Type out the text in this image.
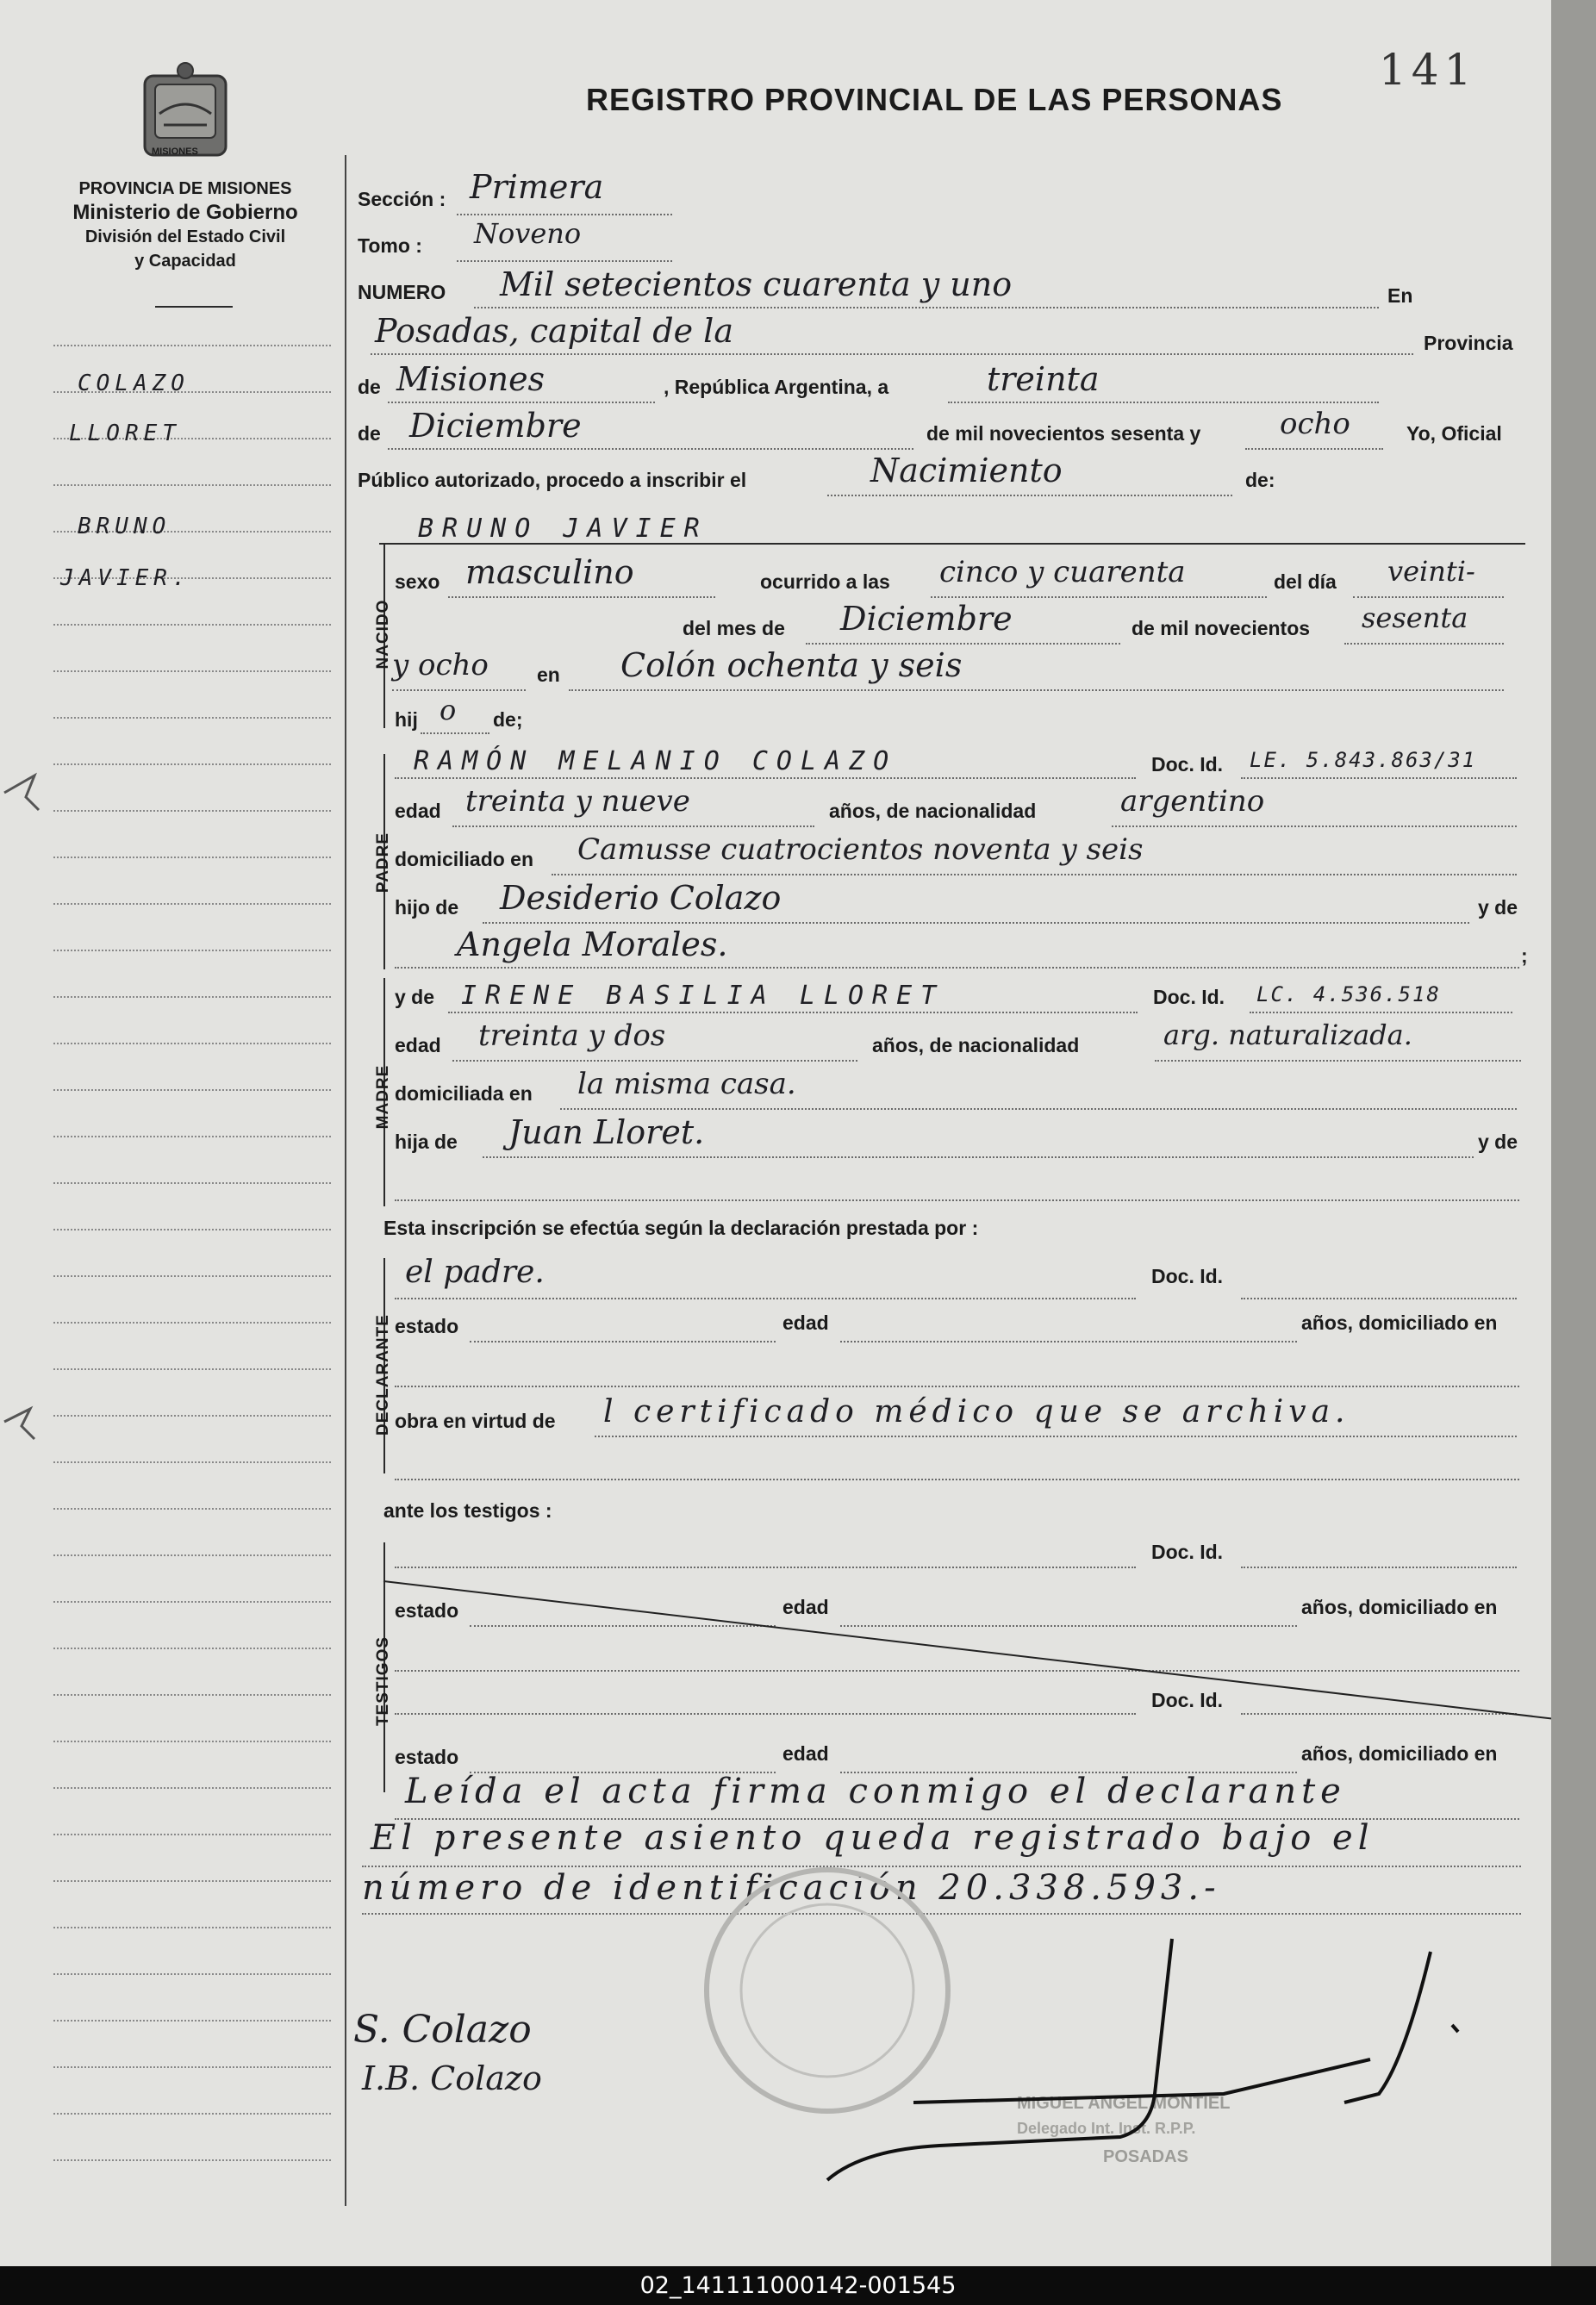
141
MISIONES
PROVINCIA DE MISIONES
Ministerio de Gobierno
División del Estado Civil
y Capacidad
REGISTRO PROVINCIAL DE LAS PERSONAS
COLAZO
LLORET
BRUNO
JAVIER.
Sección : Primera
Tomo : Noveno
NUMERO Mil setecientos cuarenta y uno	En
Posadas, capital de la	Provincia
de Misiones	, República Argentina, a	treinta
de Diciembre	de mil novecientos sesenta y	ocho	Yo, Oficial
Público autorizado, procedo a inscribir el	Nacimiento	de:
NACIDO
BRUNO JAVIER
sexo masculino	ocurrido a las cinco y cuarenta	del día veinti-
del mes de Diciembre	de mil novecientos sesenta
y ocho en Colón ochenta y seis
hij o de;
PADRE
RAMÓN MELANIO COLAZO	Doc. Id. LE. 5.843.863/31
edad treinta y nueve	años, de nacionalidad	argentino
domiciliado en Camusse cuatrocientos noventa y seis
hijo de Desiderio Colazo	y de
Angela Morales.	;
MADRE
y de IRENE BASILIA LLORET	Doc. Id. LC. 4.536.518
edad treinta y dos	años, de nacionalidad	arg. naturalizada.
domiciliada en la misma casa.
hija de Juan Lloret.	y de
Esta inscripción se efectúa según la declaración prestada por :
DECLARANTE
el padre.	Doc. Id.
estado	edad	años, domiciliado en
obra en virtud de l certificado médico que se archiva.
ante los testigos :
TESTIGOS
Doc. Id.
estado	edad	años, domiciliado en
Doc. Id.
estado	edad	años, domiciliado en
Leída el acta firma conmigo el declarante
El presente asiento queda registrado bajo el
número de identificación 20.338.593.-
MIGUEL ANGEL MONTIEL
Delegado Int. Inst. R.P.P.
POSADAS
S. Colazo
I.B. Colazo
02_141111000142-001545
